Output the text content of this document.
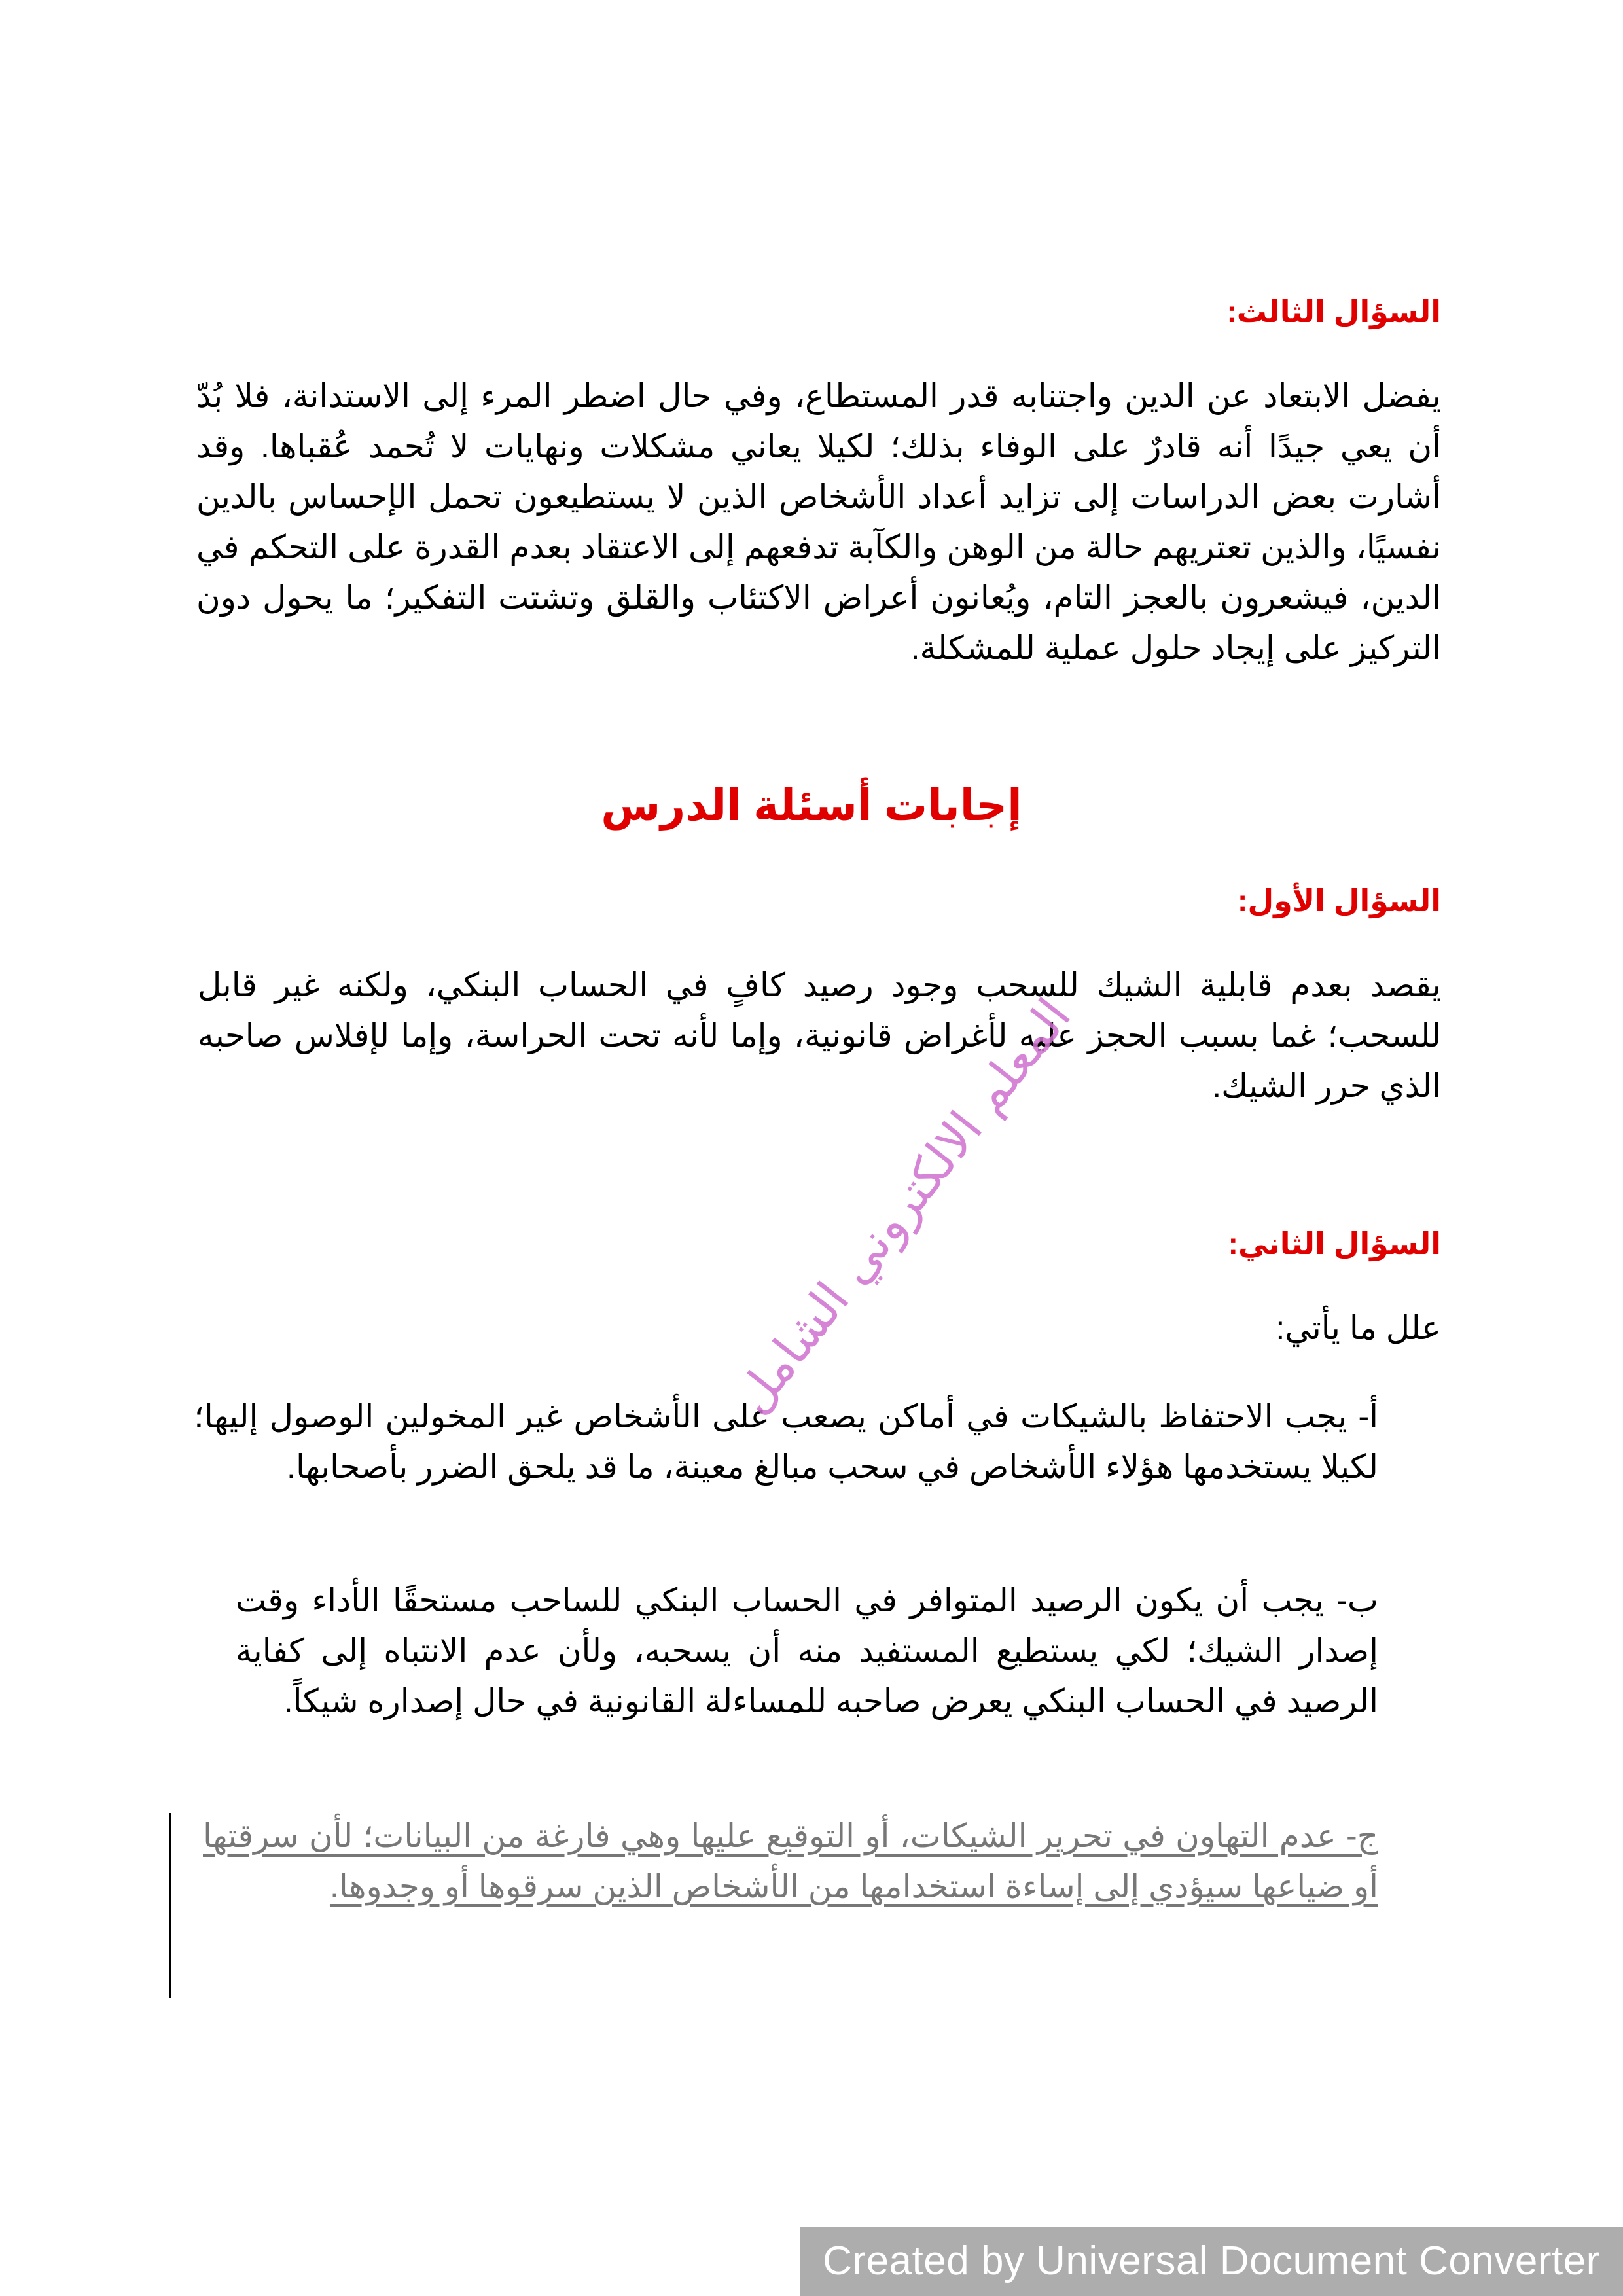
السؤال الثالث:
يفضل الابتعاد عن الدين واجتنابه قدر المستطاع، وفي حال اضطر المرء إلى الاستدانة، فلا بُدّ أن يعي جيدًا أنه قادرٌ على الوفاء بذلك؛ لكيلا يعاني مشكلات ونهايات لا تُحمد عُقباها. وقد أشارت بعض الدراسات إلى تزايد أعداد الأشخاص الذين لا يستطيعون تحمل الإحساس بالدين نفسيًا، والذين تعتريهم حالة من الوهن والكآبة تدفعهم إلى الاعتقاد بعدم القدرة على التحكم في الدين، فيشعرون بالعجز التام، ويُعانون أعراض الاكتئاب والقلق وتشتت التفكير؛ ما يحول دون التركيز على إيجاد حلول عملية للمشكلة.
إجابات أسئلة الدرس
السؤال الأول:
يقصد بعدم قابلية الشيك للسحب وجود رصيد كافٍ في الحساب البنكي، ولكنه غير قابل للسحب؛ غما بسبب الحجز عليه لأغراض قانونية، وإما لأنه تحت الحراسة، وإما لإفلاس صاحبه الذي حرر الشيك.
السؤال الثاني:
علل ما يأتي:
أ- يجب الاحتفاظ بالشيكات في أماكن يصعب على الأشخاص غير المخولين الوصول إليها؛ لكيلا يستخدمها هؤلاء الأشخاص في سحب مبالغ معينة، ما قد يلحق الضرر بأصحابها.
ب- يجب أن يكون الرصيد المتوافر في الحساب البنكي للساحب مستحقًا الأداء وقت إصدار الشيك؛ لكي يستطيع المستفيد منه أن يسحبه، ولأن عدم الانتباه إلى كفاية الرصيد في الحساب البنكي يعرض صاحبه للمساءلة القانونية في حال إصداره شيكاً.
ج- عدم التهاون في تحرير الشيكات، أو التوقيع عليها وهي فارغة من البيانات؛ لأن سرقتها أو ضياعها سيؤدي إلى إساءة استخدامها من الأشخاص الذين سرقوها أو وجدوها.
المعلم الالكتروني الشامل
Created by Universal Document Converter
